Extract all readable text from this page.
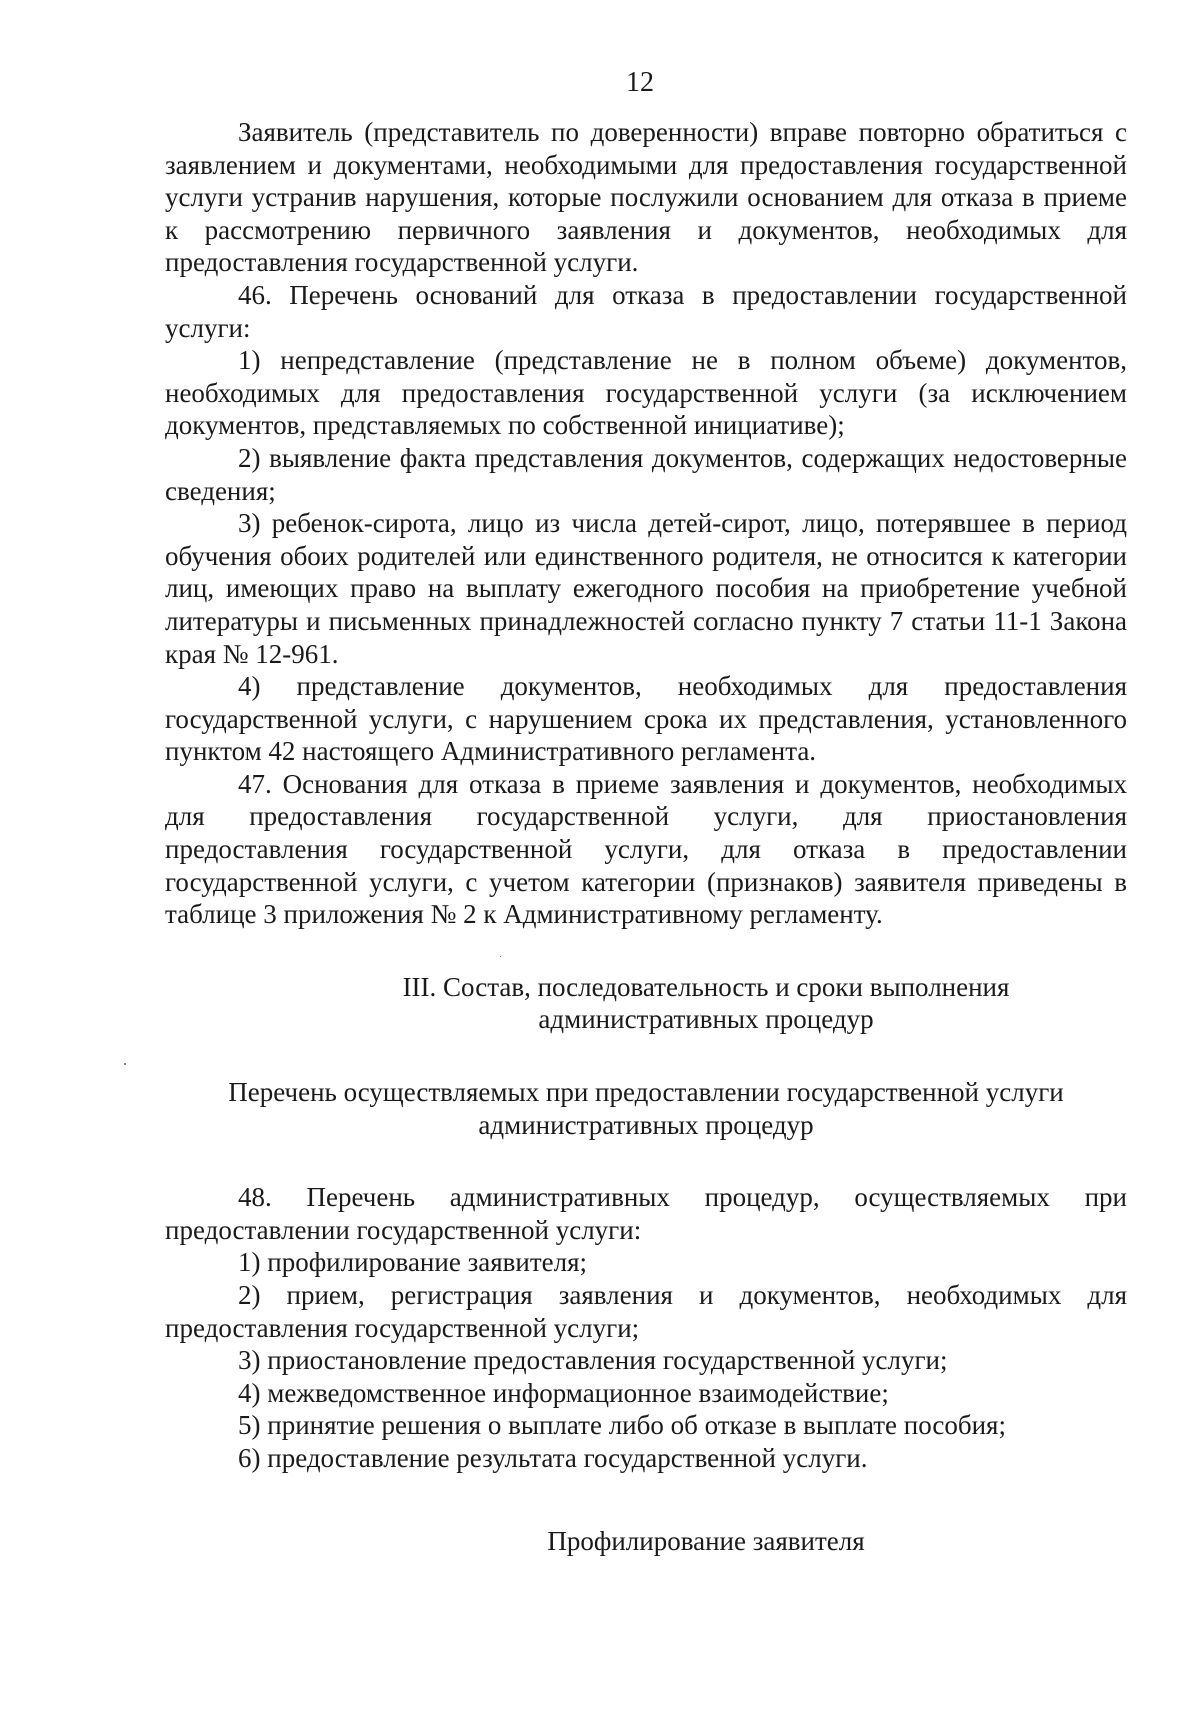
12

Заявитель (представитель по доверенности) вправе повторно обратиться с заявлением и документами, необходимыми для предоставления государственной услуги устранив нарушения, которые послужили основанием для отказа в приеме к рассмотрению первичного заявления и документов, необходимых для предоставления государственной услуги.

46. Перечень оснований для отказа в предоставлении государственной услуги:

1) непредставление (представление не в полном объеме) документов, необходимых для предоставления государственной услуги (за исключением документов, представляемых по собственной инициативе);

2) выявление факта представления документов, содержащих недостоверные сведения;

3) ребенок-сирота, лицо из числа детей-сирот, лицо, потерявшее в период обучения обоих родителей или единственного родителя, не относится к категории лиц, имеющих право на выплату ежегодного пособия на приобретение учебной литературы и письменных принадлежностей согласно пункту 7 статьи 11-1 Закона края № 12-961.

4) представление документов, необходимых для предоставления государственной услуги, с нарушением срока их представления, установленного пунктом 42 настоящего Административного регламента.

47. Основания для отказа в приеме заявления и документов, необходимых для предоставления государственной услуги, для приостановления предоставления государственной услуги, для отказа в предоставлении государственной услуги, с учетом категории (признаков) заявителя приведены в таблице 3 приложения № 2 к Административному регламенту.

III. Состав, последовательность и сроки выполнения
административных процедур
Перечень осуществляемых при предоставлении государственной услуги
административных процедур

48. Перечень административных процедур, осуществляемых при предоставлении государственной услуги:

1) профилирование заявителя;

2) прием, регистрация заявления и документов, необходимых для предоставления государственной услуги;

3) приостановление предоставления государственной услуги;

4) межведомственное информационное взаимодействие;

5) принятие решения о выплате либо об отказе в выплате пособия;

6) предоставление результата государственной услуги.

Профилирование заявителя
